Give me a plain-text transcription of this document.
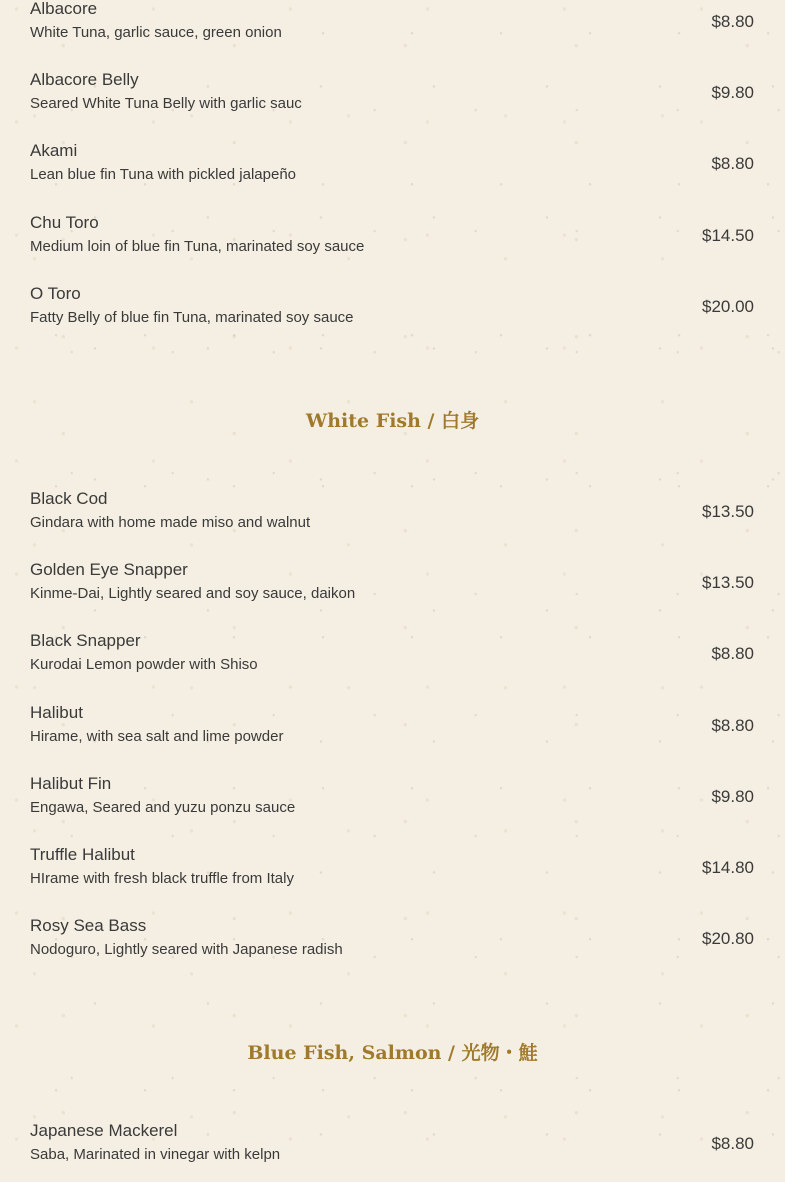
Albacore
White Tuna, garlic sauce, green onion
$8.80
Albacore Belly
Seared White Tuna Belly with garlic sauc
$9.80
Akami
Lean blue fin Tuna with pickled jalapeño
$8.80
Chu Toro
Medium loin of blue fin Tuna, marinated soy sauce
$14.50
O Toro
Fatty Belly of blue fin Tuna, marinated soy sauce
$20.00
White Fish / 白身
Black Cod
Gindara with home made miso and walnut
$13.50
Golden Eye Snapper
Kinme-Dai, Lightly seared and soy sauce, daikon
$13.50
Black Snapper
Kurodai Lemon powder with Shiso
$8.80
Halibut
Hirame, with sea salt and lime powder
$8.80
Halibut Fin
Engawa, Seared and yuzu ponzu sauce
$9.80
Truffle Halibut
HIrame with fresh black truffle from Italy
$14.80
Rosy Sea Bass
Nodoguro, Lightly seared with Japanese radish
$20.80
Blue Fish, Salmon / 光物・鮭
Japanese Mackerel
Saba, Marinated in vinegar with kelpn
$8.80
